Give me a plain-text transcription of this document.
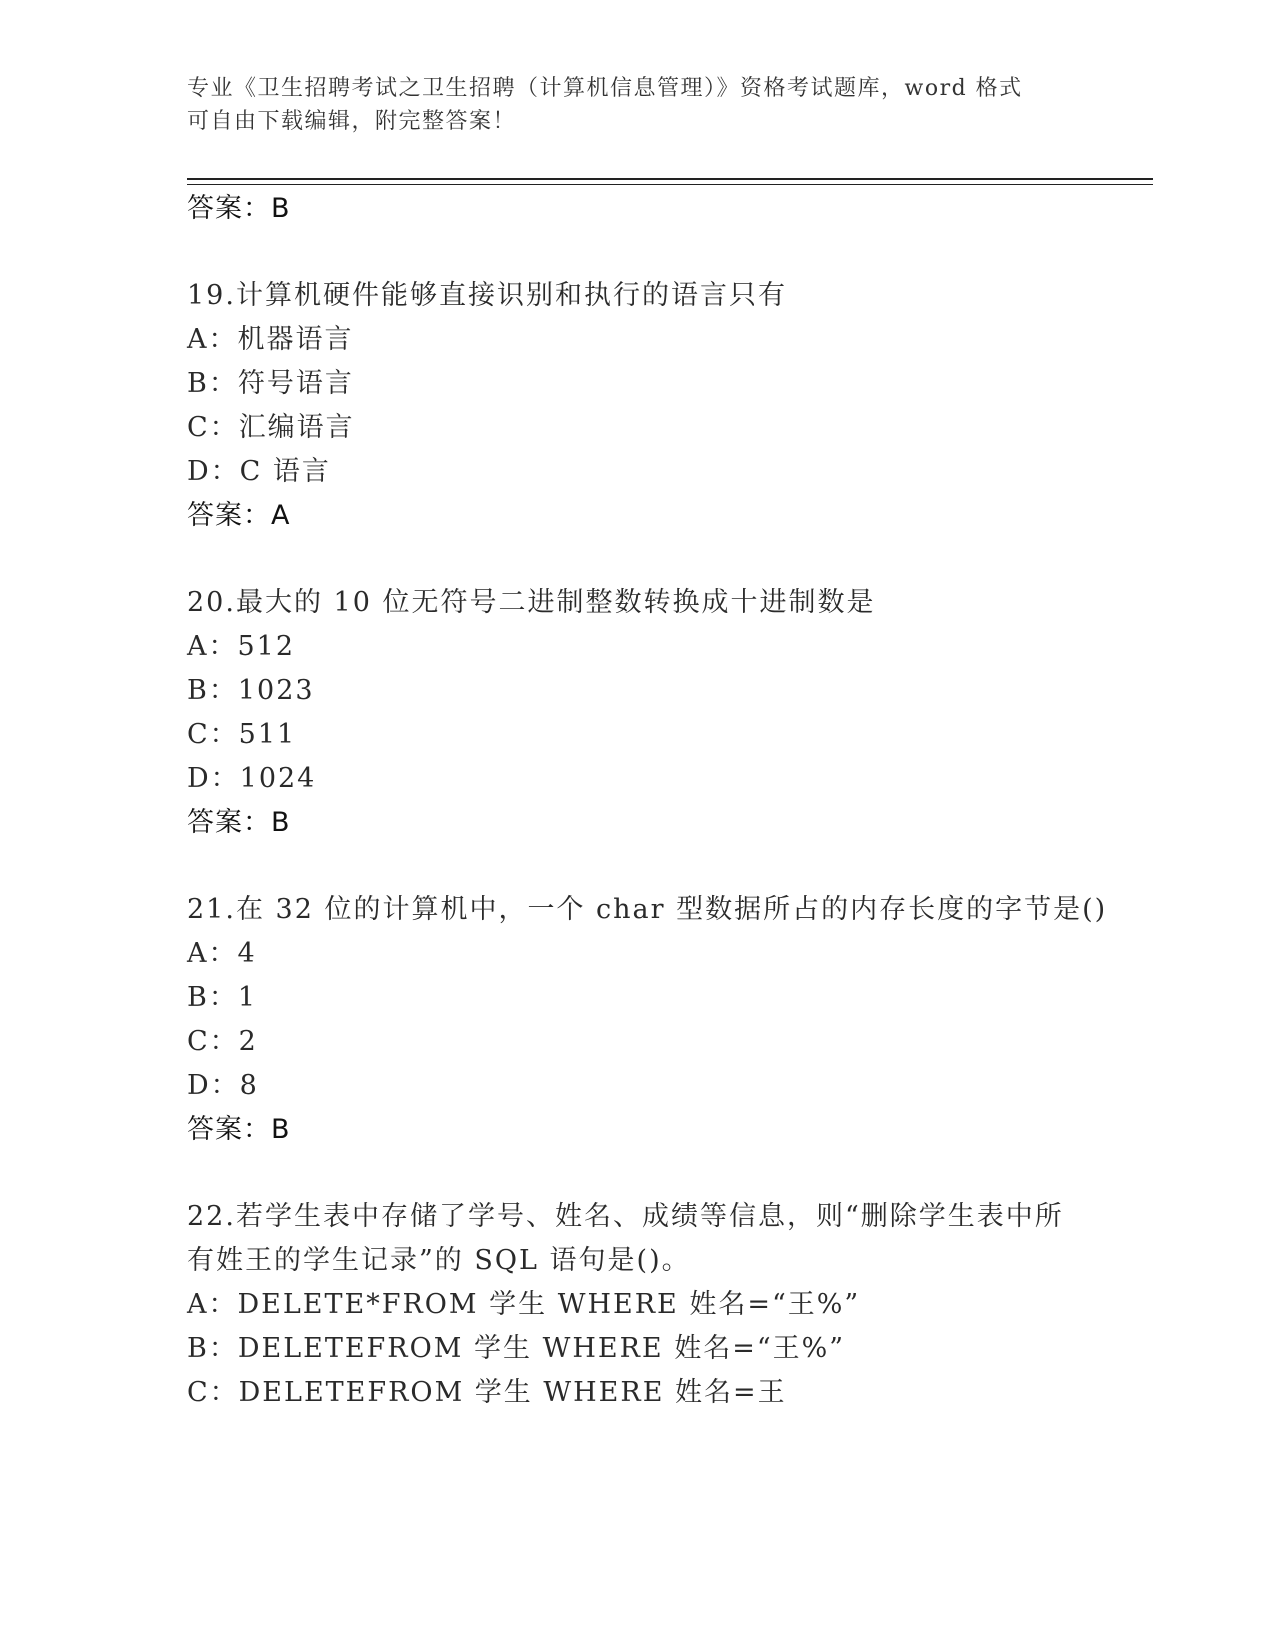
专业《卫生招聘考试之卫生招聘（计算机信息管理）》资格考试题库，word 格式
可自由下载编辑，附完整答案！
答案：B
19.计算机硬件能够直接识别和执行的语言只有
A：机器语言
B：符号语言
C：汇编语言
D：C 语言
答案：A
20.最大的 10 位无符号二进制整数转换成十进制数是
A：512
B：1023
C：511
D：1024
答案：B
21.在 32 位的计算机中，一个 char 型数据所占的内存长度的字节是()
A：4
B：1
C：2
D：8
答案：B
22.若学生表中存储了学号、姓名、成绩等信息，则“删除学生表中所
有姓王的学生记录”的 SQL 语句是()。
A：DELETE*FROM 学生 WHERE 姓名=“王%”
B：DELETEFROM 学生 WHERE 姓名=“王%”
C：DELETEFROM 学生 WHERE 姓名=王
